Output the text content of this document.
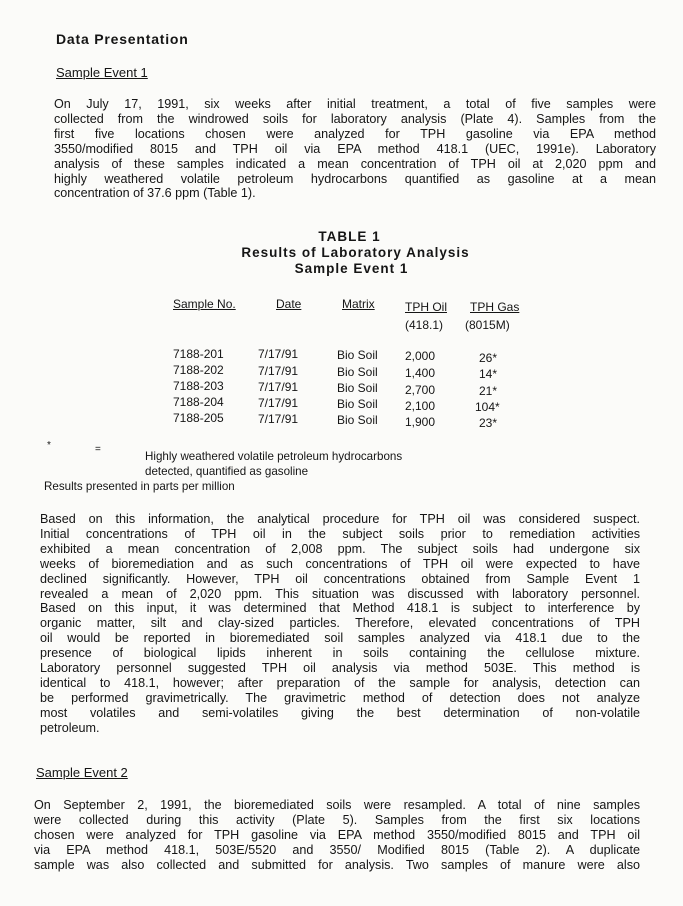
Data Presentation
Sample Event 1
On July 17, 1991, six weeks after initial treatment, a total of five samples were
collected from the windrowed soils for laboratory analysis (Plate 4). Samples from the
first five locations chosen were analyzed for TPH gasoline via EPA method
3550/modified 8015 and TPH oil via EPA method 418.1 (UEC, 1991e). Laboratory
analysis of these samples indicated a mean concentration of TPH oil at 2,020 ppm and
highly weathered volatile petroleum hydrocarbons quantified as gasoline at a mean
concentration of 37.6 ppm (Table 1).
TABLE 1
Results of Laboratory Analysis
Sample Event 1
Sample No.	Date	Matrix	TPH Oil TPH Gas
(418.1) (8015M)
7188-201	7/17/91	Bio Soil 2,000	26*
7188-202	7/17/91	Bio Soil 1,400	14*
7188-203	7/17/91	Bio Soil 2,700	21*
7188-204	7/17/91	Bio Soil 2,100	104*
7188-205	7/17/91	Bio Soil 1,900	23*
*	=
Highly weathered volatile petroleum hydrocarbons
detected, quantified as gasoline
Results presented in parts per million
Based on this information, the analytical procedure for TPH oil was considered suspect.
Initial concentrations of TPH oil in the subject soils prior to remediation activities
exhibited a mean concentration of 2,008 ppm. The subject soils had undergone six
weeks of bioremediation and as such concentrations of TPH oil were expected to have
declined significantly. However, TPH oil concentrations obtained from Sample Event 1
revealed a mean of 2,020 ppm. This situation was discussed with laboratory personnel.
Based on this input, it was determined that Method 418.1 is subject to interference by
organic matter, silt and clay-sized particles. Therefore, elevated concentrations of TPH
oil would be reported in bioremediated soil samples analyzed via 418.1 due to the
presence of biological lipids inherent in soils containing the cellulose mixture.
Laboratory personnel suggested TPH oil analysis via method 503E. This method is
identical to 418.1, however; after preparation of the sample for analysis, detection can
be performed gravimetrically. The gravimetric method of detection does not analyze
most volatiles and semi-volatiles giving the best determination of non-volatile
petroleum.
Sample Event 2
On September 2, 1991, the bioremediated soils were resampled. A total of nine samples
were collected during this activity (Plate 5). Samples from the first six locations
chosen were analyzed for TPH gasoline via EPA method 3550/modified 8015 and TPH oil
via EPA method 418.1, 503E/5520 and 3550/ Modified 8015 (Table 2). A duplicate
sample was also collected and submitted for analysis. Two samples of manure were also
